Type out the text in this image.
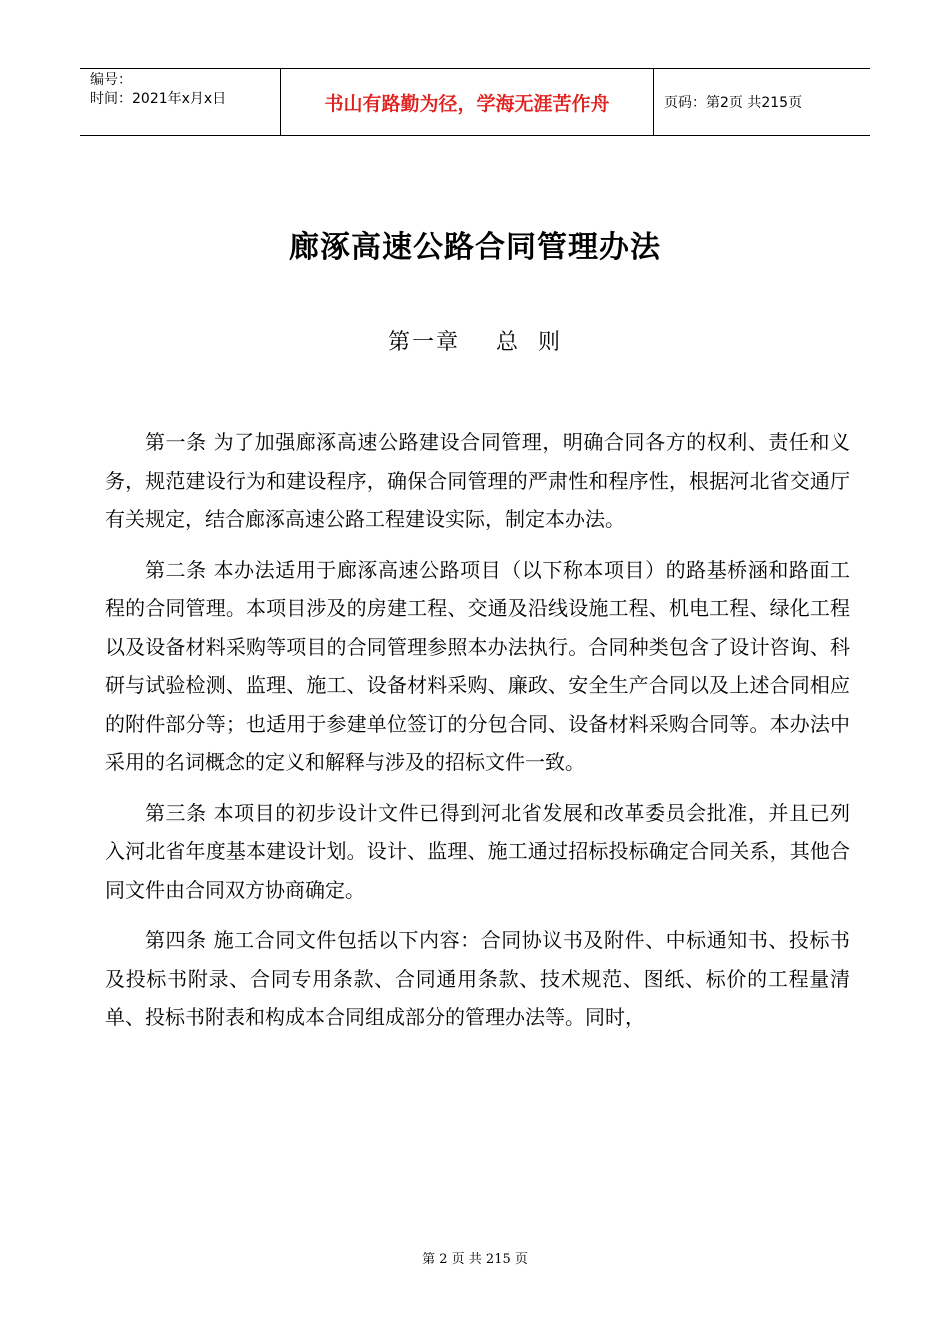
编号：
时间：2021年x月x日	书山有路勤为径，学海无涯苦作舟	页码：第2页 共215页
廊涿高速公路合同管理办法
第一章    总  则

第一条 为了加强廊涿高速公路建设合同管理，明确合同各方的权利、责任和义务，规范建设行为和建设程序，确保合同管理的严肃性和程序性，根据河北省交通厅有关规定，结合廊涿高速公路工程建设实际，制定本办法。

第二条 本办法适用于廊涿高速公路项目（以下称本项目）的路基桥涵和路面工程的合同管理。本项目涉及的房建工程、交通及沿线设施工程、机电工程、绿化工程以及设备材料采购等项目的合同管理参照本办法执行。合同种类包含了设计咨询、科研与试验检测、监理、施工、设备材料采购、廉政、安全生产合同以及上述合同相应的附件部分等；也适用于参建单位签订的分包合同、设备材料采购合同等。本办法中采用的名词概念的定义和解释与涉及的招标文件一致。

第三条 本项目的初步设计文件已得到河北省发展和改革委员会批准，并且已列入河北省年度基本建设计划。设计、监理、施工通过招标投标确定合同关系，其他合同文件由合同双方协商确定。

第四条 施工合同文件包括以下内容：合同协议书及附件、中标通知书、投标书及投标书附录、合同专用条款、合同通用条款、技术规范、图纸、标价的工程量清单、投标书附表和构成本合同组成部分的管理办法等。同时，

第 2 页 共 215 页
